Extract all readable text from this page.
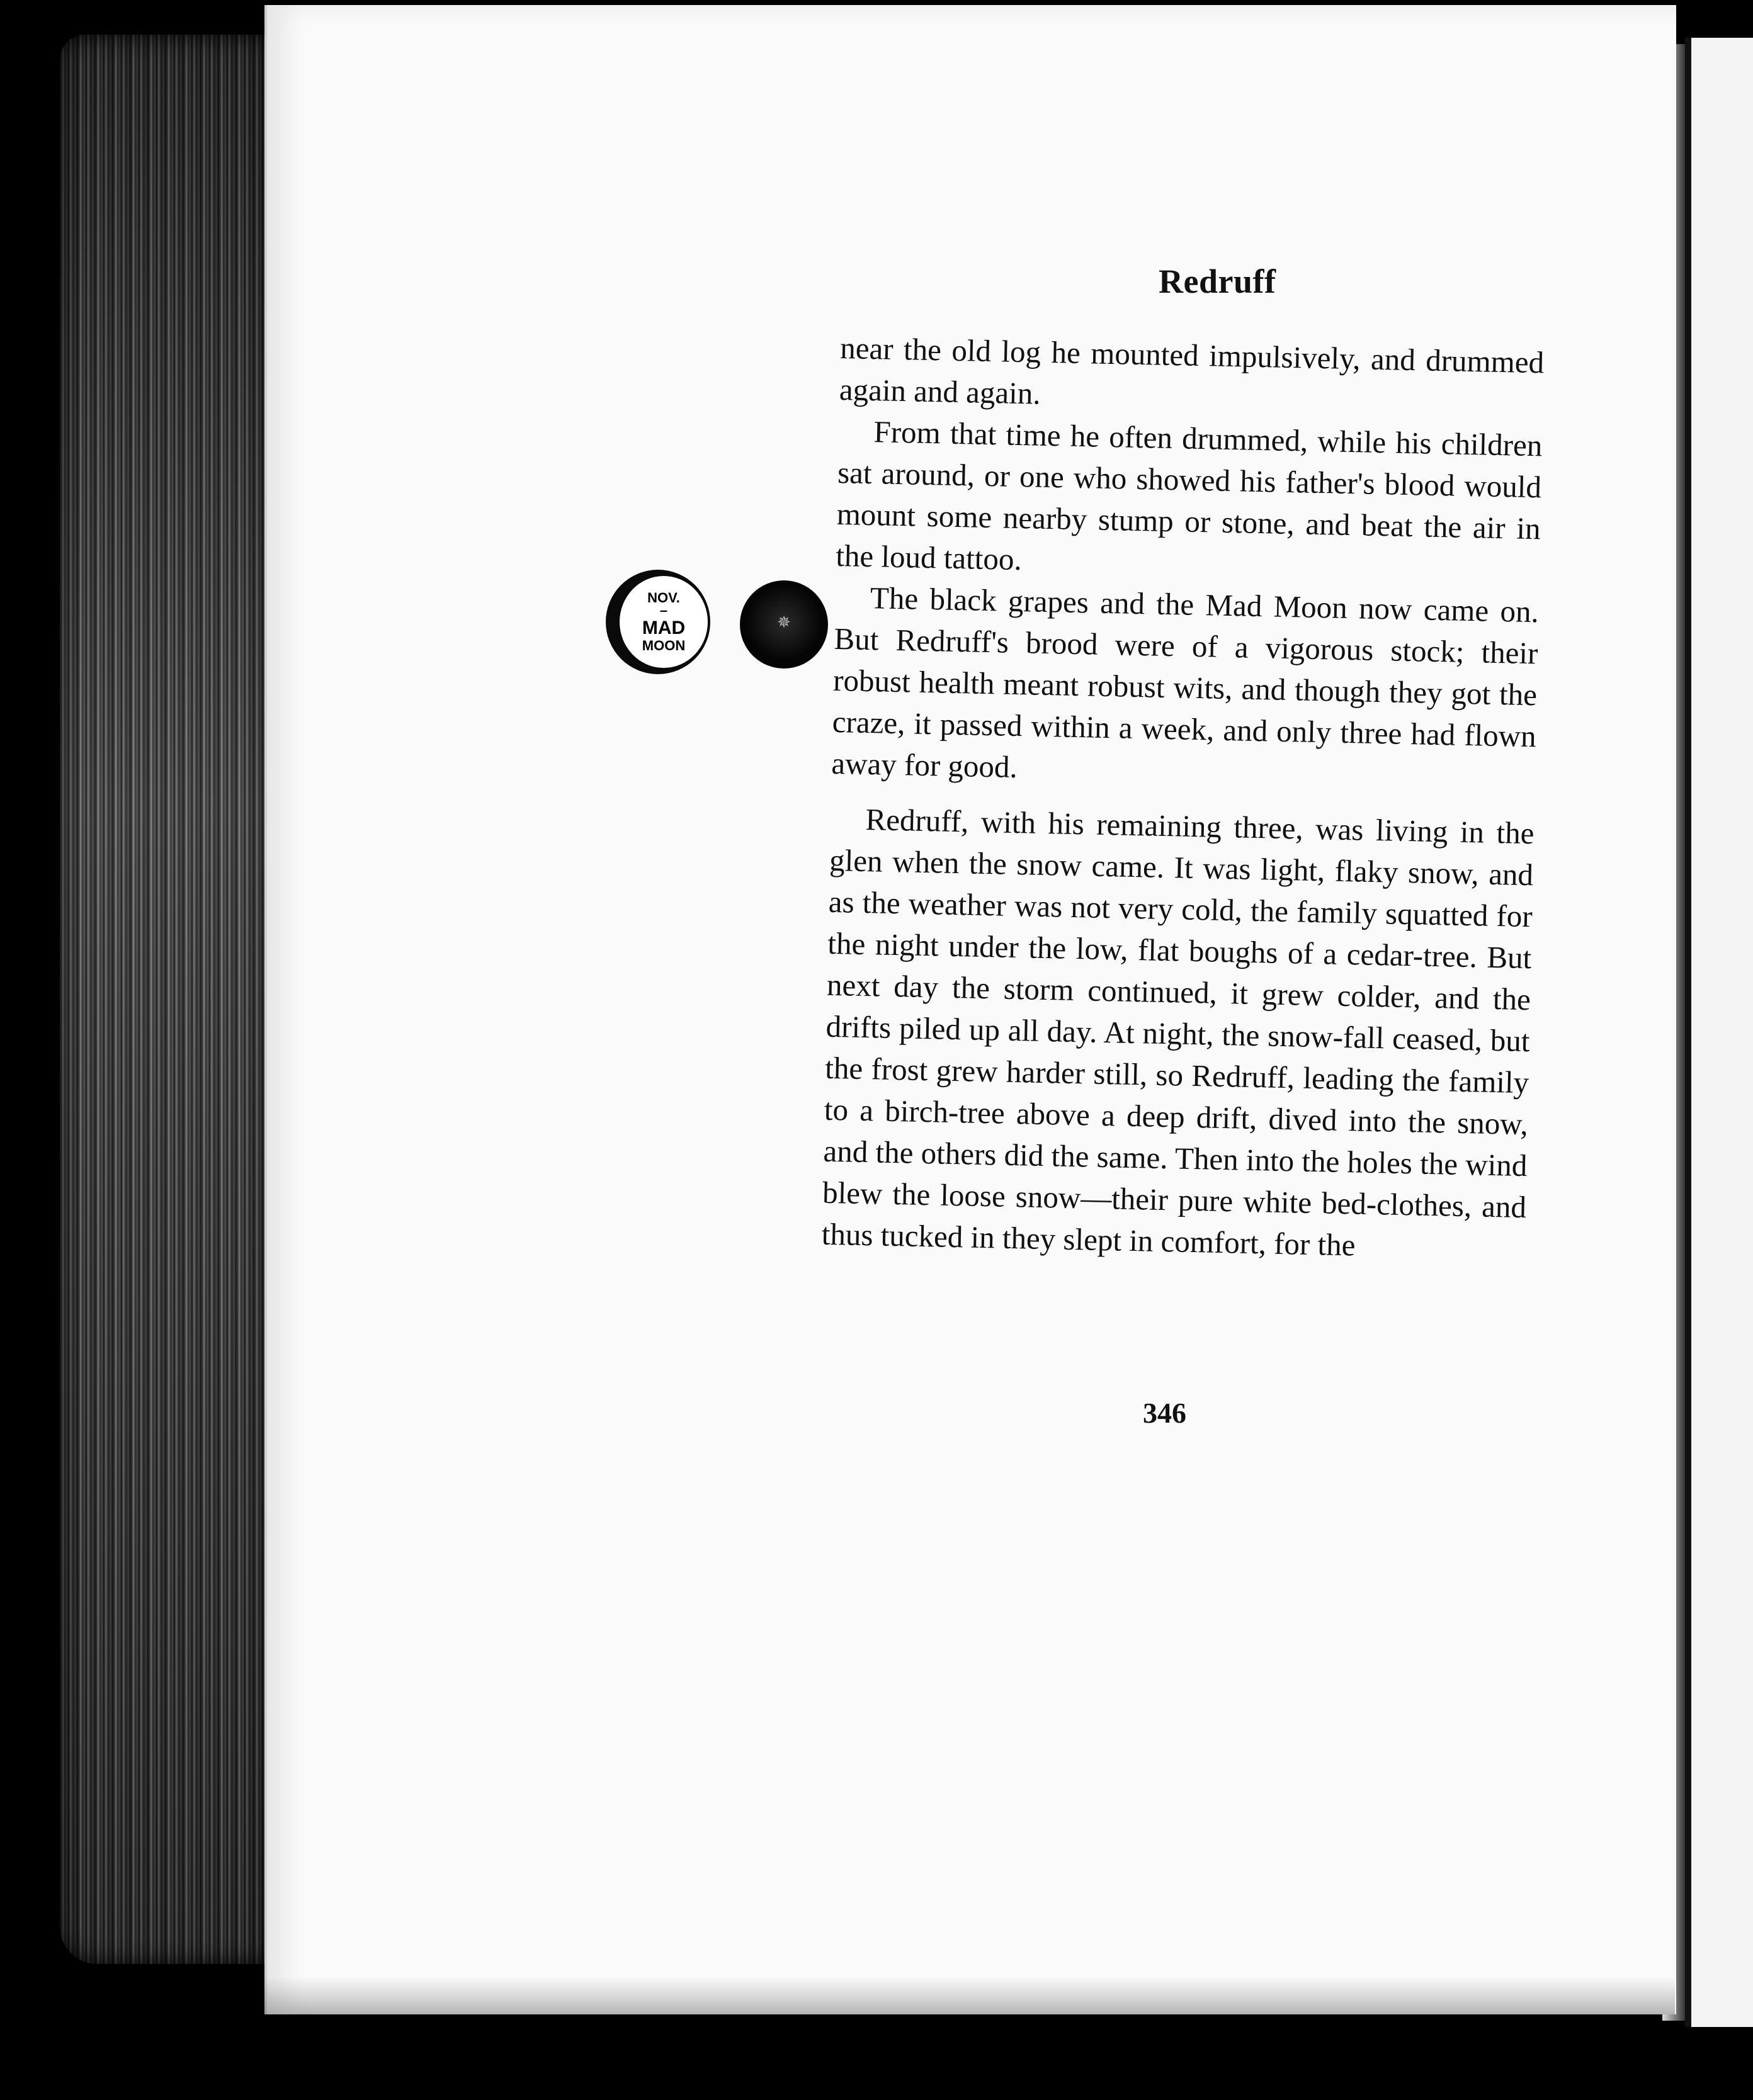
Redruff
NOV.
–
MAD
MOON
✵

near the old log he mounted impulsively, and drummed again and again.

From that time he often drummed, while his children sat around, or one who showed his father's blood would mount some nearby stump or stone, and beat the air in the loud tattoo.

The black grapes and the Mad Moon now came on. But Redruff's brood were of a vigorous stock; their robust health meant robust wits, and though they got the craze, it passed within a week, and only three had flown away for good.

Redruff, with his remaining three, was living in the glen when the snow came. It was light, flaky snow, and as the weather was not very cold, the family squatted for the night under the low, flat boughs of a cedar-tree. But next day the storm continued, it grew colder, and the drifts piled up all day. At night, the snow-fall ceased, but the frost grew harder still, so Redruff, leading the family to a birch-tree above a deep drift, dived into the snow, and the others did the same. Then into the holes the wind blew the loose snow—their pure white bed-clothes, and thus tucked in they slept in comfort, for the

346
